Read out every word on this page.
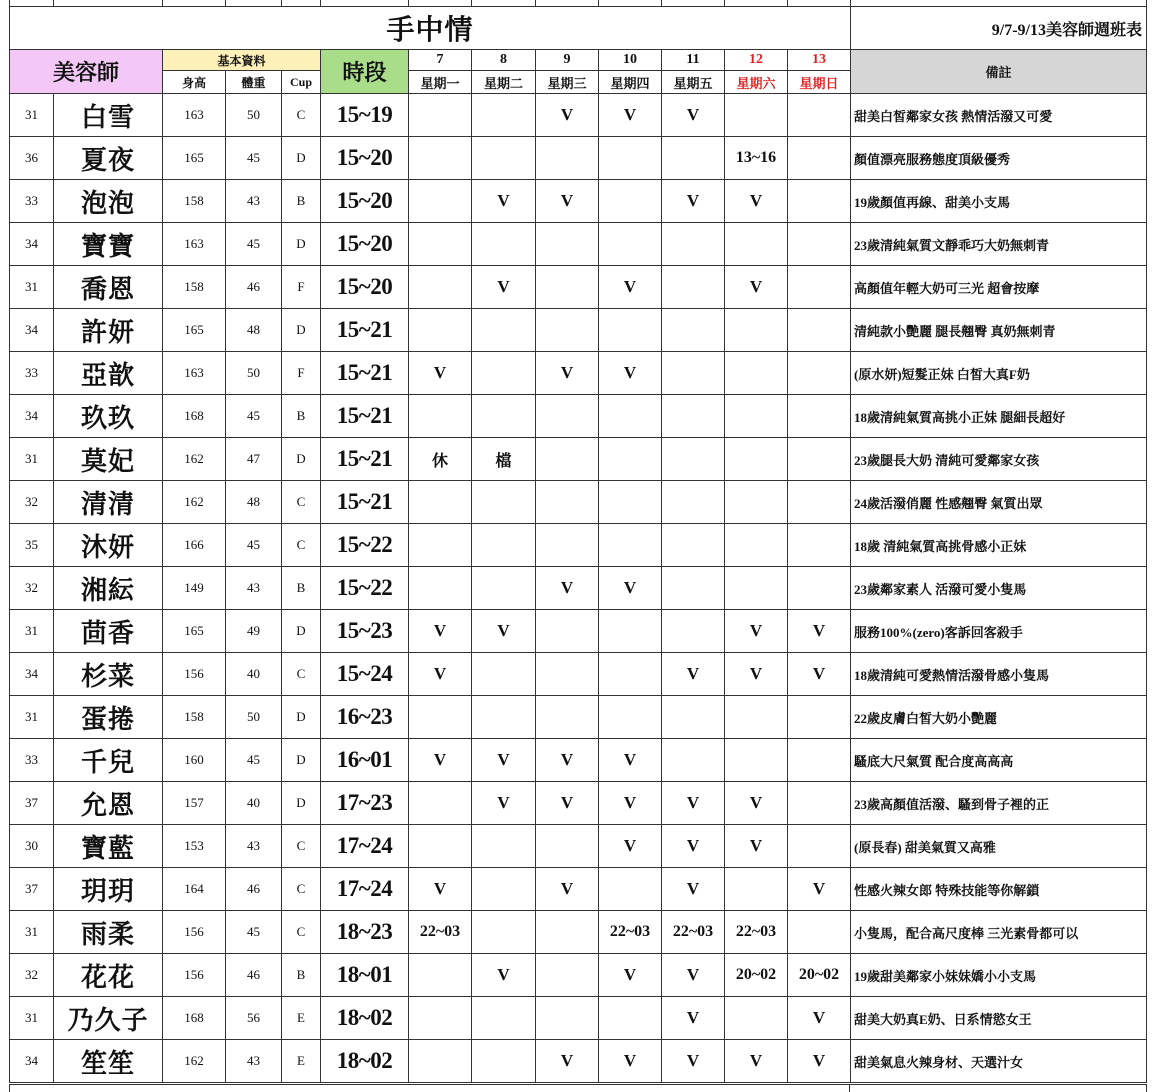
手中情													9/7-9/13美容師週班表
美容師		基本資料			時段	7	8	9	10	11	12	13	備註
		身高	體重	Cup		星期一	星期二	星期三	星期四	星期五	星期六	星期日	
31	白雪	163	50	C	15~19			V	V	V			甜美白皙鄰家女孩 熱情活潑又可愛
36	夏夜	165	45	D	15~20						13~16		顏值漂亮服務態度頂級優秀
33	泡泡	158	43	B	15~20		V	V		V	V		19歲顏值再線、甜美小支馬
34	寶寶	163	45	D	15~20								23歲清純氣質文靜乖巧大奶無刺青
31	喬恩	158	46	F	15~20		V		V		V		高顏值年輕大奶可三光 超會按摩
34	許妍	165	48	D	15~21								清純款小艷麗 腿長翹臀 真奶無刺青
33	亞歆	163	50	F	15~21	V		V	V				(原水妍)短髮正妹 白皙大真F奶
34	玖玖	168	45	B	15~21								18歲清純氣質高挑小正妹 腿細長超好
31	莫妃	162	47	D	15~21	休	檔						23歲腿長大奶 清純可愛鄰家女孩
32	清清	162	48	C	15~21								24歲活潑俏麗 性感翹臀 氣質出眾
35	沐妍	166	45	C	15~22								18歲 清純氣質高挑骨感小正妹
32	湘紜	149	43	B	15~22			V	V				23歲鄰家素人 活潑可愛小隻馬
31	茴香	165	49	D	15~23	V	V				V	V	服務100%(zero)客訴回客殺手
34	杉菜	156	40	C	15~24	V				V	V	V	18歲清純可愛熱情活潑骨感小隻馬
31	蛋捲	158	50	D	16~23								22歲皮膚白皙大奶小艷麗
33	千兒	160	45	D	16~01	V	V	V	V				騷底大尺氣質 配合度高高高
37	允恩	157	40	D	17~23		V	V	V	V	V		23歲高顏值活潑、騷到骨子裡的正
30	寶藍	153	43	C	17~24				V	V	V		(原長春) 甜美氣質又高雅
37	玥玥	164	46	C	17~24	V		V		V		V	性感火辣女郎 特殊技能等你解鎖
31	雨柔	156	45	C	18~23	22~03			22~03	22~03	22~03		小隻馬，配合高尺度棒 三光素骨都可以
32	花花	156	46	B	18~01		V		V	V	20~02	20~02	19歲甜美鄰家小妹妹嬌小小支馬
31	乃久子	168	56	E	18~02					V		V	甜美大奶真E奶、日系情慾女王
34	笙笙	162	43	E	18~02			V	V	V	V	V	甜美氣息火辣身材、天選汁女
